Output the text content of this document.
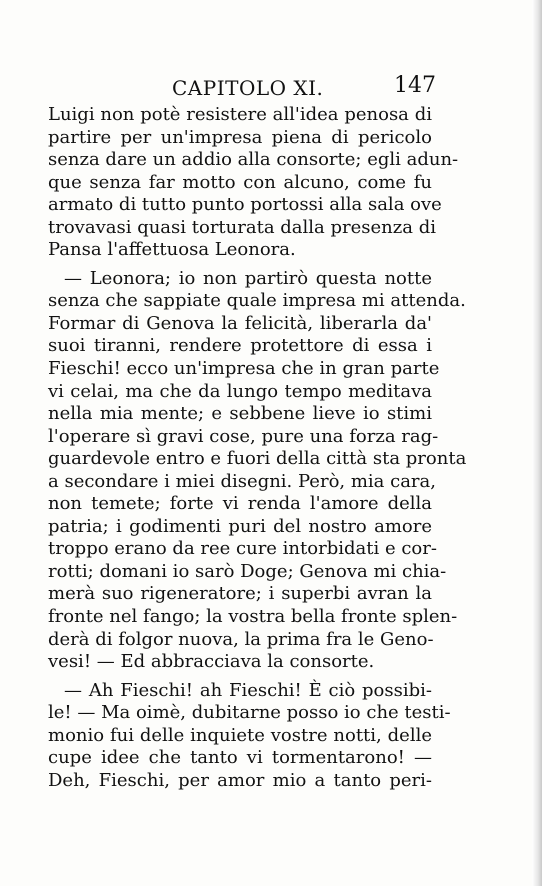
CAPITOLO XI.	147
Luigi non potè resistere all'idea penosa di
partire per un'impresa piena di pericolo
senza dare un addio alla consorte; egli adun-
que senza far motto con alcuno, come fu
armato di tutto punto portossi alla sala ove
trovavasi quasi torturata dalla presenza di
Pansa l'affettuosa Leonora.
— Leonora; io non partirò questa notte
senza che sappiate quale impresa mi attenda.
Formar di Genova la felicità, liberarla da'
suoi tiranni, rendere protettore di essa i
Fieschi! ecco un'impresa che in gran parte
vi celai, ma che da lungo tempo meditava
nella mia mente; e sebbene lieve io stimi
l'operare sì gravi cose, pure una forza rag-
guardevole entro e fuori della città sta pronta
a secondare i miei disegni. Però, mia cara,
non temete; forte vi renda l'amore della
patria; i godimenti puri del nostro amore
troppo erano da ree cure intorbidati e cor-
rotti; domani io sarò Doge; Genova mi chia-
merà suo rigeneratore; i superbi avran la
fronte nel fango; la vostra bella fronte splen-
derà di folgor nuova, la prima fra le Geno-
vesi! — Ed abbracciava la consorte.
— Ah Fieschi! ah Fieschi! È ciò possibi-
le! — Ma oimè, dubitarne posso io che testi-
monio fui delle inquiete vostre notti, delle
cupe idee che tanto vi tormentarono! —
Deh, Fieschi, per amor mio a tanto peri-
